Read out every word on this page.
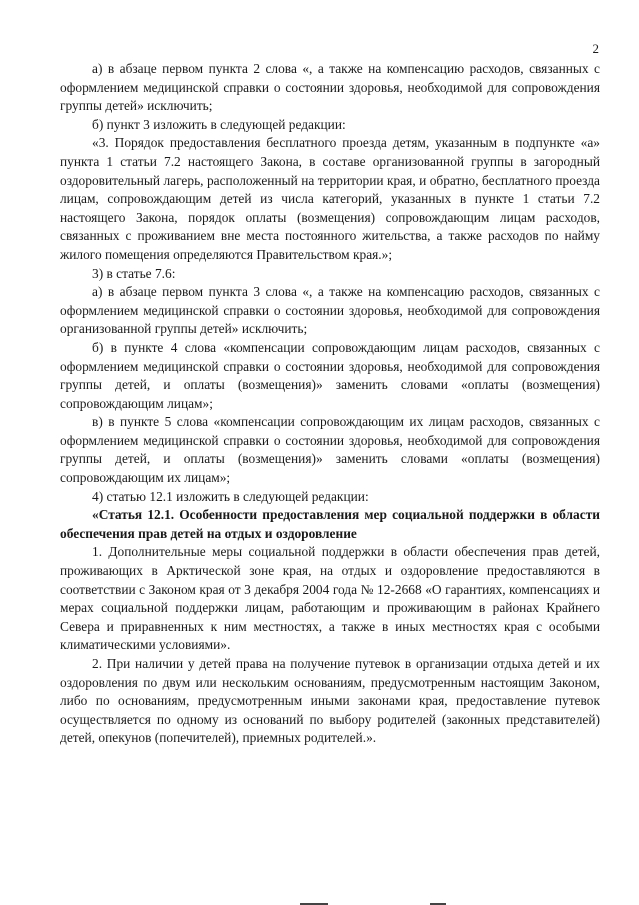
2

а) в абзаце первом пункта 2 слова «, а также на компенсацию расходов, связанных с оформлением медицинской справки о состоянии здоровья, необходимой для сопровождения группы детей» исключить;

б) пункт 3 изложить в следующей редакции:

«3. Порядок предоставления бесплатного проезда детям, указанным в подпункте «а» пункта 1 статьи 7.2 настоящего Закона, в составе организованной группы в загородный оздоровительный лагерь, расположенный на территории края, и обратно, бесплатного проезда лицам, сопровождающим детей из числа категорий, указанных в пункте 1 статьи 7.2 настоящего Закона, порядок оплаты (возмещения) сопровождающим лицам расходов, связанных с проживанием вне места постоянного жительства, а также расходов по найму жилого помещения определяются Правительством края.»;

3) в статье 7.6:

а) в абзаце первом пункта 3 слова «, а также на компенсацию расходов, связанных с оформлением медицинской справки о состоянии здоровья, необходимой для сопровождения организованной группы детей» исключить;

б) в пункте 4 слова «компенсации сопровождающим лицам расходов, связанных с оформлением медицинской справки о состоянии здоровья, необходимой для сопровождения группы детей, и оплаты (возмещения)» заменить словами «оплаты (возмещения) сопровождающим лицам»;

в) в пункте 5 слова «компенсации сопровождающим их лицам расходов, связанных с оформлением медицинской справки о состоянии здоровья, необходимой для сопровождения группы детей, и оплаты (возмещения)» заменить словами «оплаты (возмещения) сопровождающим их лицам»;

4) статью 12.1 изложить в следующей редакции:

«Статья 12.1. Особенности предоставления мер социальной поддержки в области обеспечения прав детей на отдых и оздоровление

1. Дополнительные меры социальной поддержки в области обеспечения прав детей, проживающих в Арктической зоне края, на отдых и оздоровление предоставляются в соответствии с Законом края от 3 декабря 2004 года № 12-2668 «О гарантиях, компенсациях и мерах социальной поддержки лицам, работающим и проживающим в районах Крайнего Севера и приравненных к ним местностях, а также в иных местностях края с особыми климатическими условиями».

2. При наличии у детей права на получение путевок в организации отдыха детей и их оздоровления по двум или нескольким основаниям, предусмотренным настоящим Законом, либо по основаниям, предусмотренным иными законами края, предоставление путевок осуществляется по одному из оснований по выбору родителей (законных представителей) детей, опекунов (попечителей), приемных родителей.».
